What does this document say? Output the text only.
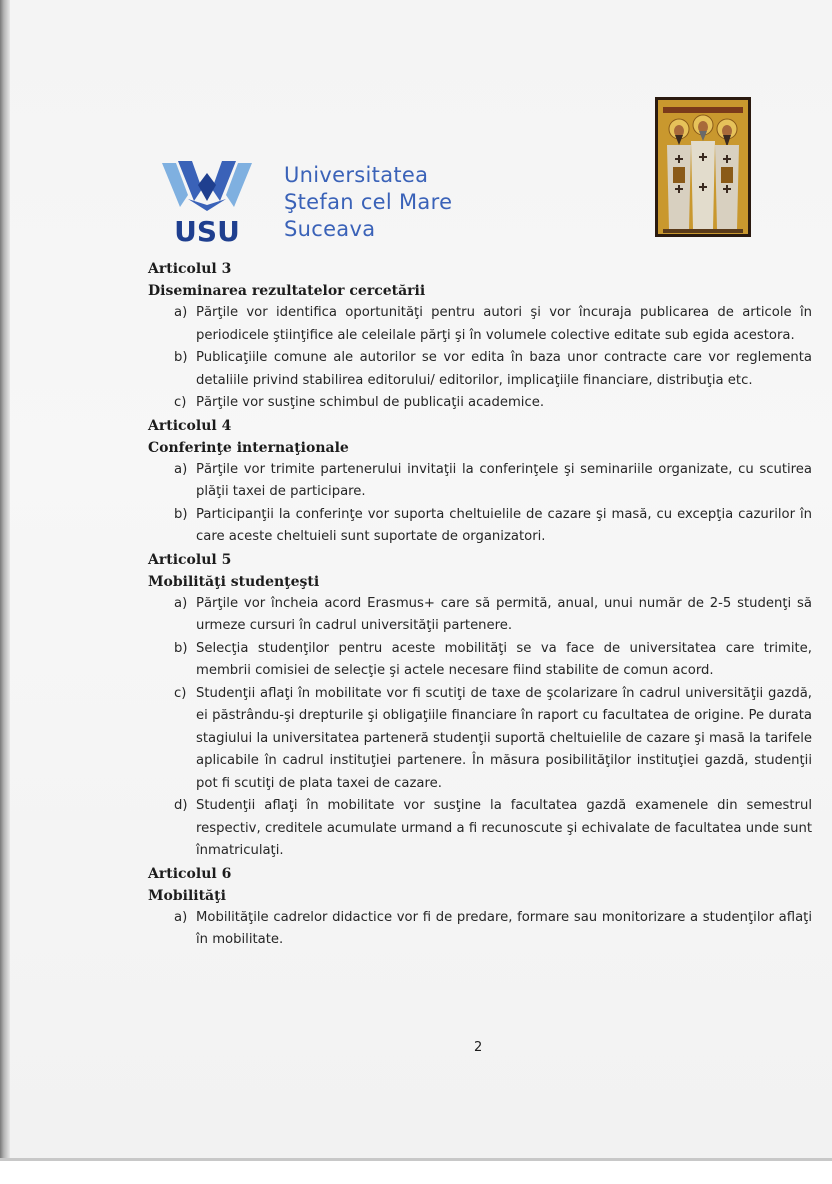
USU
Universitatea
Ştefan cel Mare
Suceava
Articolul 3
Diseminarea rezultatelor cercetării
a) Părţile vor identifica oportunităţi pentru autori şi vor încuraja publicarea de articole în periodicele ştiinţifice ale celeilale părţi şi în volumele colective editate sub egida acestora.
b) Publicaţiile comune ale autorilor se vor edita în baza unor contracte care vor reglementa detaliile privind stabilirea editorului/ editorilor, implicaţiile financiare, distribuţia etc.
c) Părţile vor susţine schimbul de publicaţii academice.
Articolul 4
Conferinţe internaţionale
a) Părţile vor trimite partenerului invitaţii la conferinţele şi seminariile organizate, cu scutirea plăţii taxei de participare.
b) Participanţii la conferinţe vor suporta cheltuielile de cazare şi masă, cu excepţia cazurilor în care aceste cheltuieli sunt suportate de organizatori.
Articolul 5
Mobilităţi studenţeşti
a) Părţile vor încheia acord Erasmus+ care să permită, anual, unui număr de 2-5 studenţi să urmeze cursuri în cadrul universităţii partenere.
b) Selecţia studenţilor pentru aceste mobilităţi se va face de universitatea care trimite, membrii comisiei de selecţie şi actele necesare fiind stabilite de comun acord.
c) Studenţii aflaţi în mobilitate vor fi scutiţi de taxe de şcolarizare în cadrul universităţii gazdă, ei păstrându-şi drepturile şi obligaţiile financiare în raport cu facultatea de origine. Pe durata stagiului la universitatea parteneră studenţii suportă cheltuielile de cazare şi masă la tarifele aplicabile în cadrul instituţiei partenere. În măsura posibilităţilor instituţiei gazdă, studenţii pot fi scutiţi de plata taxei de cazare.
d) Studenţii aflaţi în mobilitate vor susţine la facultatea gazdă examenele din semestrul respectiv, creditele acumulate urmand a fi recunoscute şi echivalate de facultatea unde sunt înmatriculaţi.
Articolul 6
Mobilităţi
a) Mobilităţile cadrelor didactice vor fi de predare, formare sau monitorizare a studenţilor aflaţi în mobilitate.
2
